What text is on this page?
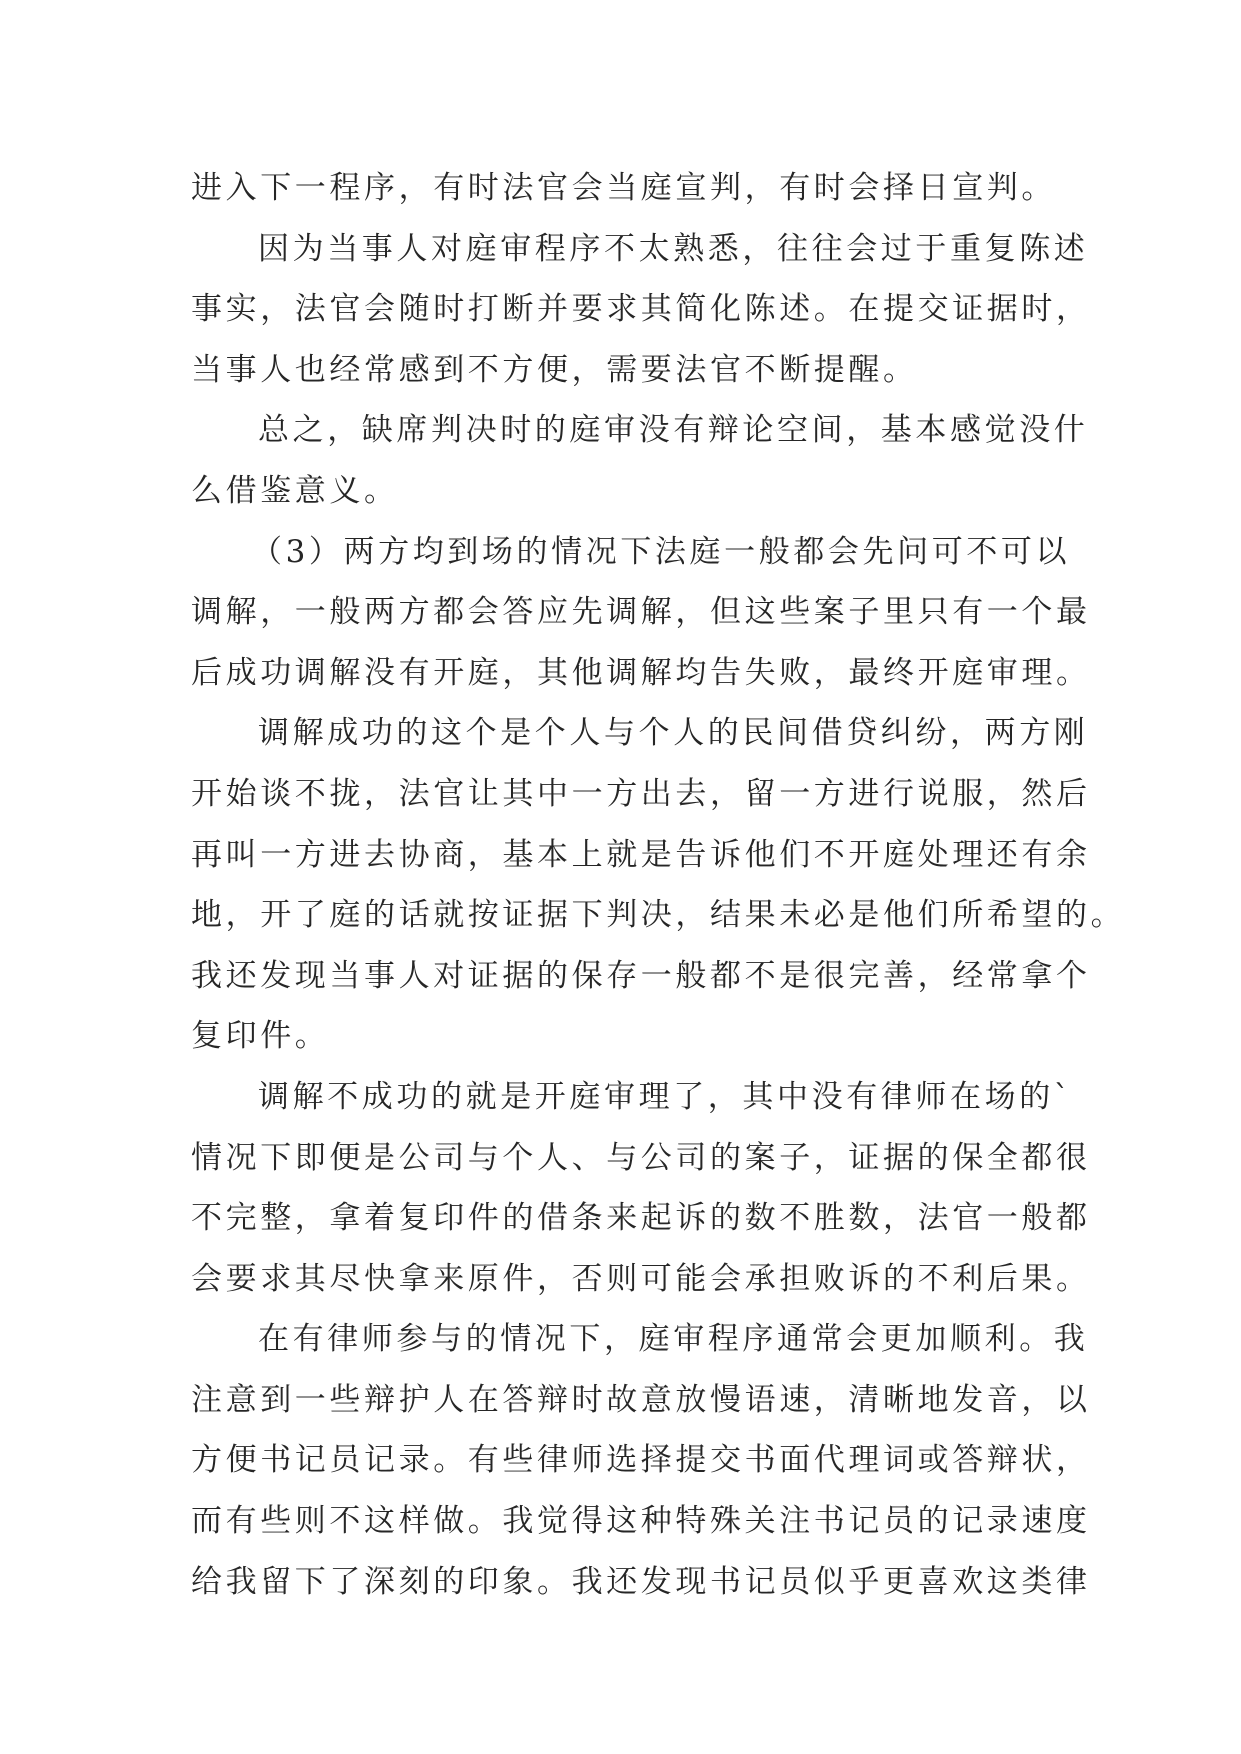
进入下一程序，有时法官会当庭宣判，有时会择日宣判。
因为当事人对庭审程序不太熟悉，往往会过于重复陈述
事实，法官会随时打断并要求其简化陈述。在提交证据时，
当事人也经常感到不方便，需要法官不断提醒。
总之，缺席判决时的庭审没有辩论空间，基本感觉没什
么借鉴意义。
（3）两方均到场的情况下法庭一般都会先问可不可以
调解，一般两方都会答应先调解，但这些案子里只有一个最
后成功调解没有开庭，其他调解均告失败，最终开庭审理。
调解成功的这个是个人与个人的民间借贷纠纷，两方刚
开始谈不拢，法官让其中一方出去，留一方进行说服，然后
再叫一方进去协商，基本上就是告诉他们不开庭处理还有余
地，开了庭的话就按证据下判决，结果未必是他们所希望的。
我还发现当事人对证据的保存一般都不是很完善，经常拿个
复印件。
调解不成功的就是开庭审理了，其中没有律师在场的`
情况下即便是公司与个人、与公司的案子，证据的保全都很
不完整，拿着复印件的借条来起诉的数不胜数，法官一般都
会要求其尽快拿来原件，否则可能会承担败诉的不利后果。
在有律师参与的情况下，庭审程序通常会更加顺利。我
注意到一些辩护人在答辩时故意放慢语速，清晰地发音，以
方便书记员记录。有些律师选择提交书面代理词或答辩状，
而有些则不这样做。我觉得这种特殊关注书记员的记录速度
给我留下了深刻的印象。我还发现书记员似乎更喜欢这类律
